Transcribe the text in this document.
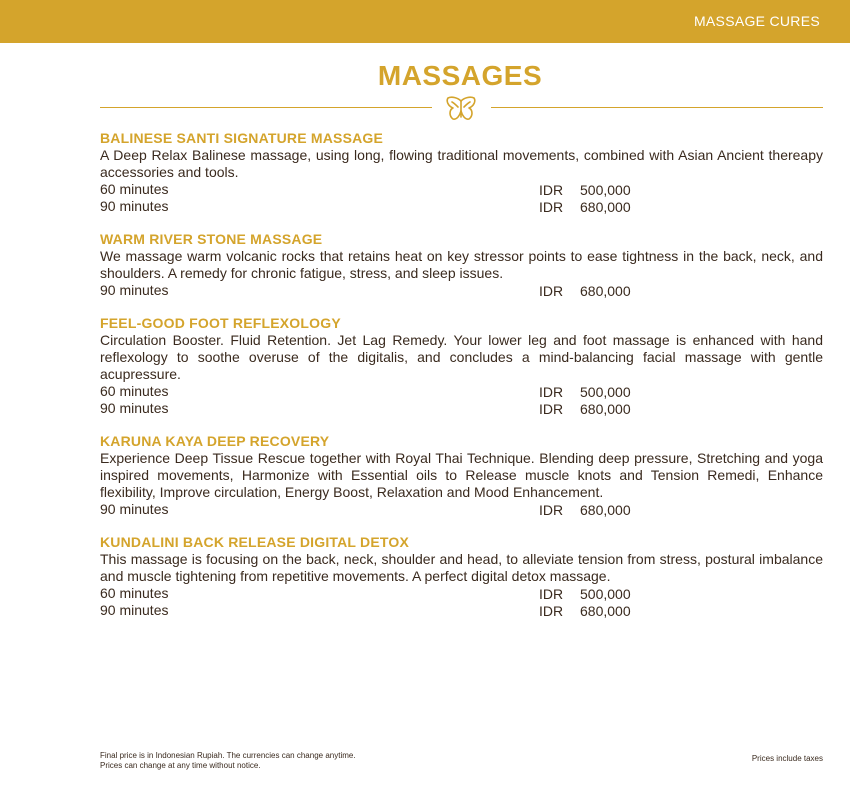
MASSAGE CURES
MASSAGES
BALINESE SANTI SIGNATURE MASSAGE
A Deep Relax Balinese massage, using long, flowing traditional movements, combined with Asian Ancient thereapy accessories and tools.
60 minutes	IDR 500,000
90 minutes	IDR 680,000
WARM RIVER STONE MASSAGE
We massage warm volcanic rocks that retains heat on key stressor points to ease tightness in the back, neck, and shoulders. A remedy for chronic fatigue, stress, and sleep issues.
90 minutes	IDR 680,000
FEEL-GOOD FOOT REFLEXOLOGY
Circulation Booster. Fluid Retention. Jet Lag Remedy. Your lower leg and foot massage is enhanced with hand reflexology to soothe overuse of the digitalis, and concludes a mind-balancing facial massage with gentle acupressure.
60 minutes	IDR 500,000
90 minutes	IDR 680,000
KARUNA KAYA DEEP RECOVERY
Experience Deep Tissue Rescue together with Royal Thai Technique. Blending deep pressure, Stretching and yoga inspired movements, Harmonize with Essential oils to Release muscle knots and Tension Remedi, Enhance flexibility, Improve circulation, Energy Boost, Relaxation and Mood Enhancement.
90 minutes	IDR 680,000
KUNDALINI BACK RELEASE DIGITAL DETOX
This massage is focusing on the back, neck, shoulder and head, to alleviate tension from stress, postural imbalance and muscle tightening from repetitive movements. A perfect digital detox massage.
60 minutes	IDR 500,000
90 minutes	IDR 680,000
Final price is in Indonesian Rupiah. The currencies can change anytime.
Prices can change at any time without notice.
Prices include taxes
